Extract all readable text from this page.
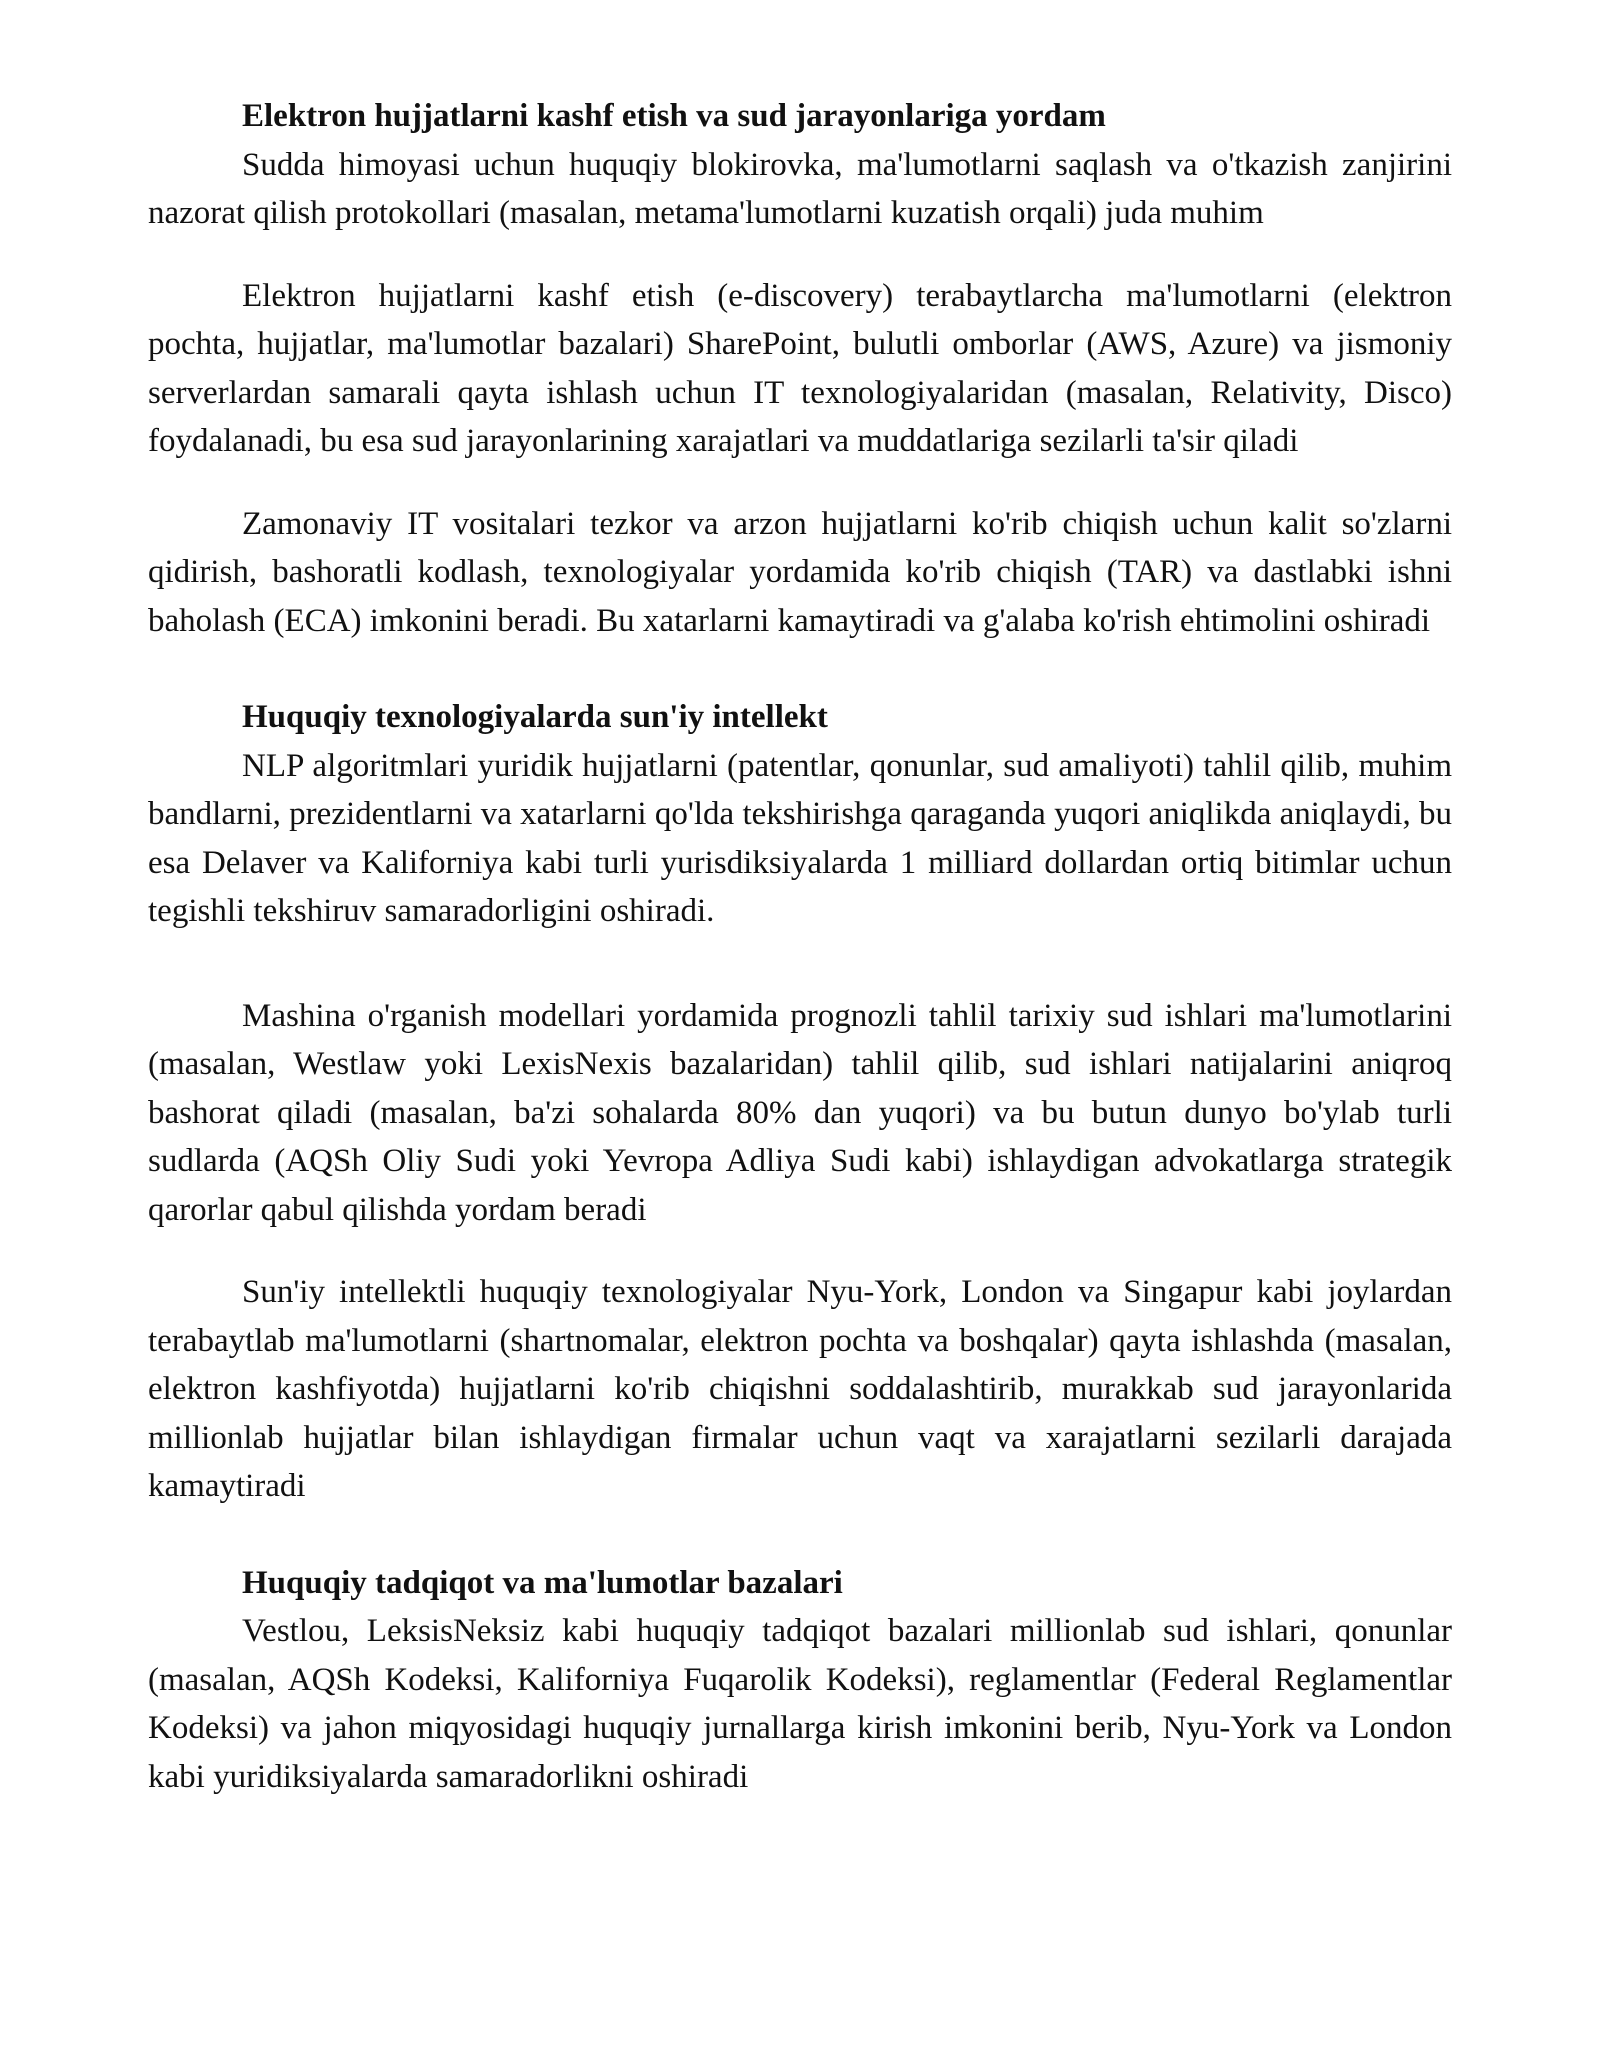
Elektron hujjatlarni kashf etish va sud jarayonlariga yordam

Sudda himoyasi uchun huquqiy blokirovka, ma'lumotlarni saqlash va o'tkazish zanjirini nazorat qilish protokollari (masalan, metama'lumotlarni kuzatish orqali) juda muhim

Elektron hujjatlarni kashf etish (e-discovery) terabaytlarcha ma'lumotlarni (elektron pochta, hujjatlar, ma'lumotlar bazalari) SharePoint, bulutli omborlar (AWS, Azure) va jismoniy serverlardan samarali qayta ishlash uchun IT texnologiyalaridan (masalan, Relativity, Disco) foydalanadi, bu esa sud jarayonlarining xarajatlari va muddatlariga sezilarli ta'sir qiladi

Zamonaviy IT vositalari tezkor va arzon hujjatlarni ko'rib chiqish uchun kalit so'zlarni qidirish, bashoratli kodlash, texnologiyalar yordamida ko'rib chiqish (TAR) va dastlabki ishni baholash (ECA) imkonini beradi. Bu xatarlarni kamaytiradi va g'alaba ko'rish ehtimolini oshiradi

Huquqiy texnologiyalarda sun'iy intellekt

NLP algoritmlari yuridik hujjatlarni (patentlar, qonunlar, sud amaliyoti) tahlil qilib, muhim bandlarni, prezidentlarni va xatarlarni qo'lda tekshirishga qaraganda yuqori aniqlikda aniqlaydi, bu esa Delaver va Kaliforniya kabi turli yurisdiksiyalarda 1 milliard dollardan ortiq bitimlar uchun tegishli tekshiruv samaradorligini oshiradi.

Mashina o'rganish modellari yordamida prognozli tahlil tarixiy sud ishlari ma'lumotlarini (masalan, Westlaw yoki LexisNexis bazalaridan) tahlil qilib, sud ishlari natijalarini aniqroq bashorat qiladi (masalan, ba'zi sohalarda 80% dan yuqori) va bu butun dunyo bo'ylab turli sudlarda (AQSh Oliy Sudi yoki Yevropa Adliya Sudi kabi) ishlaydigan advokatlarga strategik qarorlar qabul qilishda yordam beradi

Sun'iy intellektli huquqiy texnologiyalar Nyu-York, London va Singapur kabi joylardan terabaytlab ma'lumotlarni (shartnomalar, elektron pochta va boshqalar) qayta ishlashda (masalan, elektron kashfiyotda) hujjatlarni ko'rib chiqishni soddalashtirib, murakkab sud jarayonlarida millionlab hujjatlar bilan ishlaydigan firmalar uchun vaqt va xarajatlarni sezilarli darajada kamaytiradi

Huquqiy tadqiqot va ma'lumotlar bazalari

Vestlou, LeksisNeksiz kabi huquqiy tadqiqot bazalari millionlab sud ishlari, qonunlar (masalan, AQSh Kodeksi, Kaliforniya Fuqarolik Kodeksi), reglamentlar (Federal Reglamentlar Kodeksi) va jahon miqyosidagi huquqiy jurnallarga kirish imkonini berib, Nyu-York va London kabi yuridiksiyalarda samaradorlikni oshiradi
